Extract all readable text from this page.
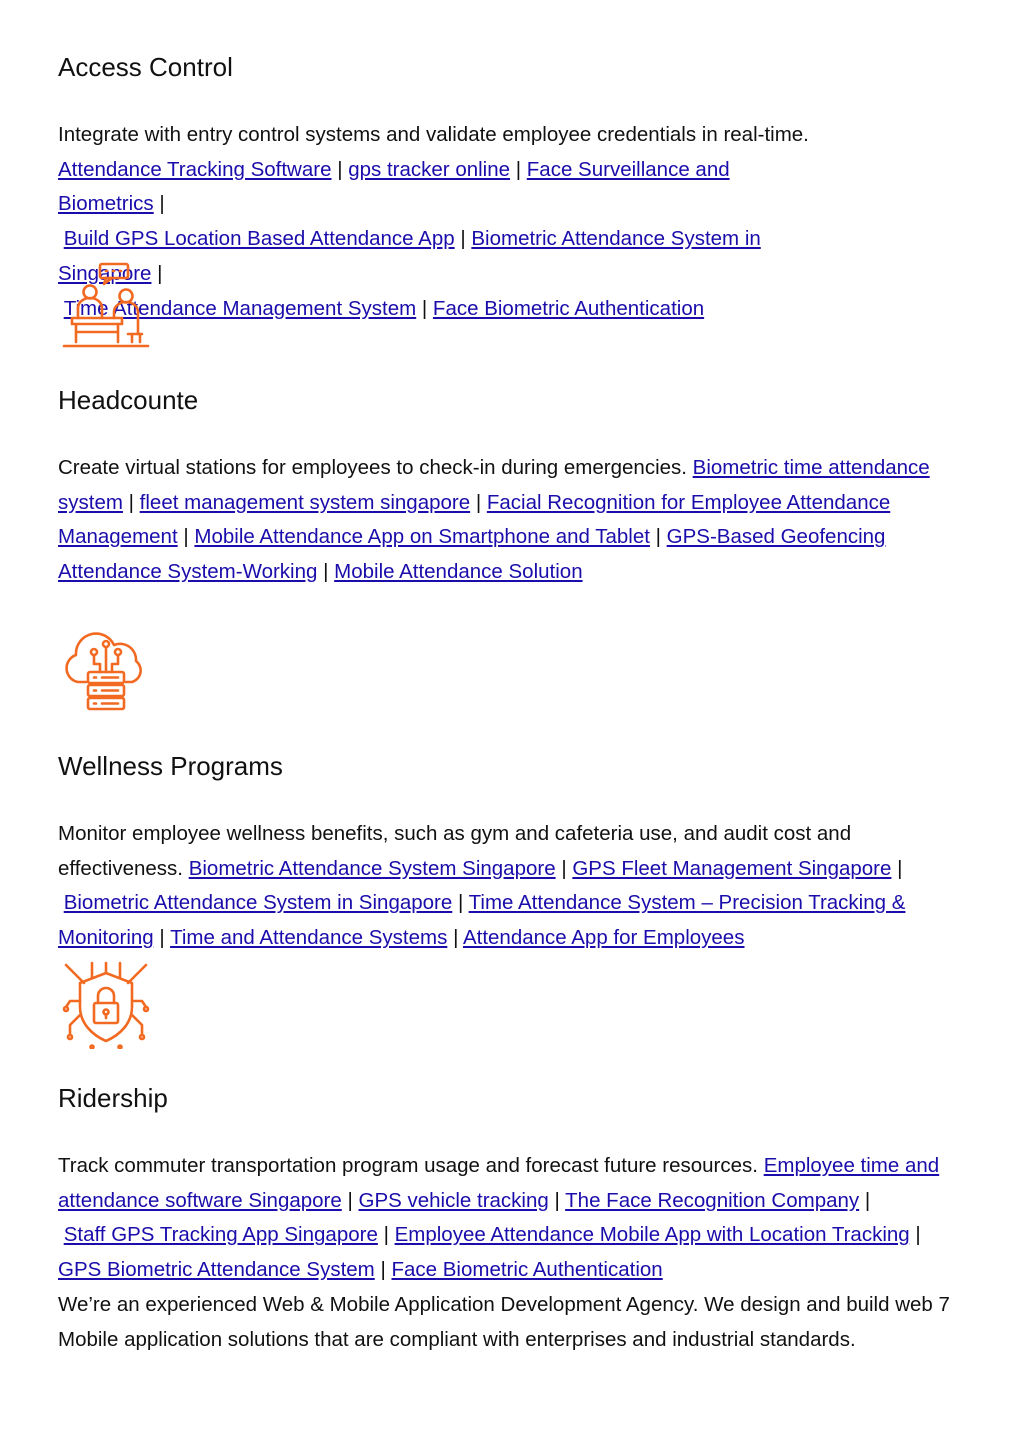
Access Control

Integrate with entry control systems and validate employee credentials in real-time. Attendance Tracking Software | gps tracker online | Face Surveillance and Biometrics |
Build GPS Location Based Attendance App | Biometric Attendance System in Singapore |
Time Attendance Management System | Face Biometric Authentication

Headcounte

Create virtual stations for employees to check-in during emergencies. Biometric time attendance system | fleet management system singapore | Facial Recognition for Employee Attendance Management | Mobile Attendance App on Smartphone and Tablet | GPS-Based Geofencing Attendance System-Working | Mobile Attendance Solution

Wellness Programs

Monitor employee wellness benefits, such as gym and cafeteria use, and audit cost and effectiveness. Biometric Attendance System Singapore | GPS Fleet Management Singapore |
Biometric Attendance System in Singapore | Time Attendance System – Precision Tracking & Monitoring | Time and Attendance Systems | Attendance App for Employees

Ridership

Track commuter transportation program usage and forecast future resources. Employee time and attendance software Singapore | GPS vehicle tracking | The Face Recognition Company |
Staff GPS Tracking App Singapore | Employee Attendance Mobile App with Location Tracking | GPS Biometric Attendance System | Face Biometric Authentication

We’re an experienced Web & Mobile Application Development Agency. We design and build web 7 Mobile application solutions that are compliant with enterprises and industrial standards.
